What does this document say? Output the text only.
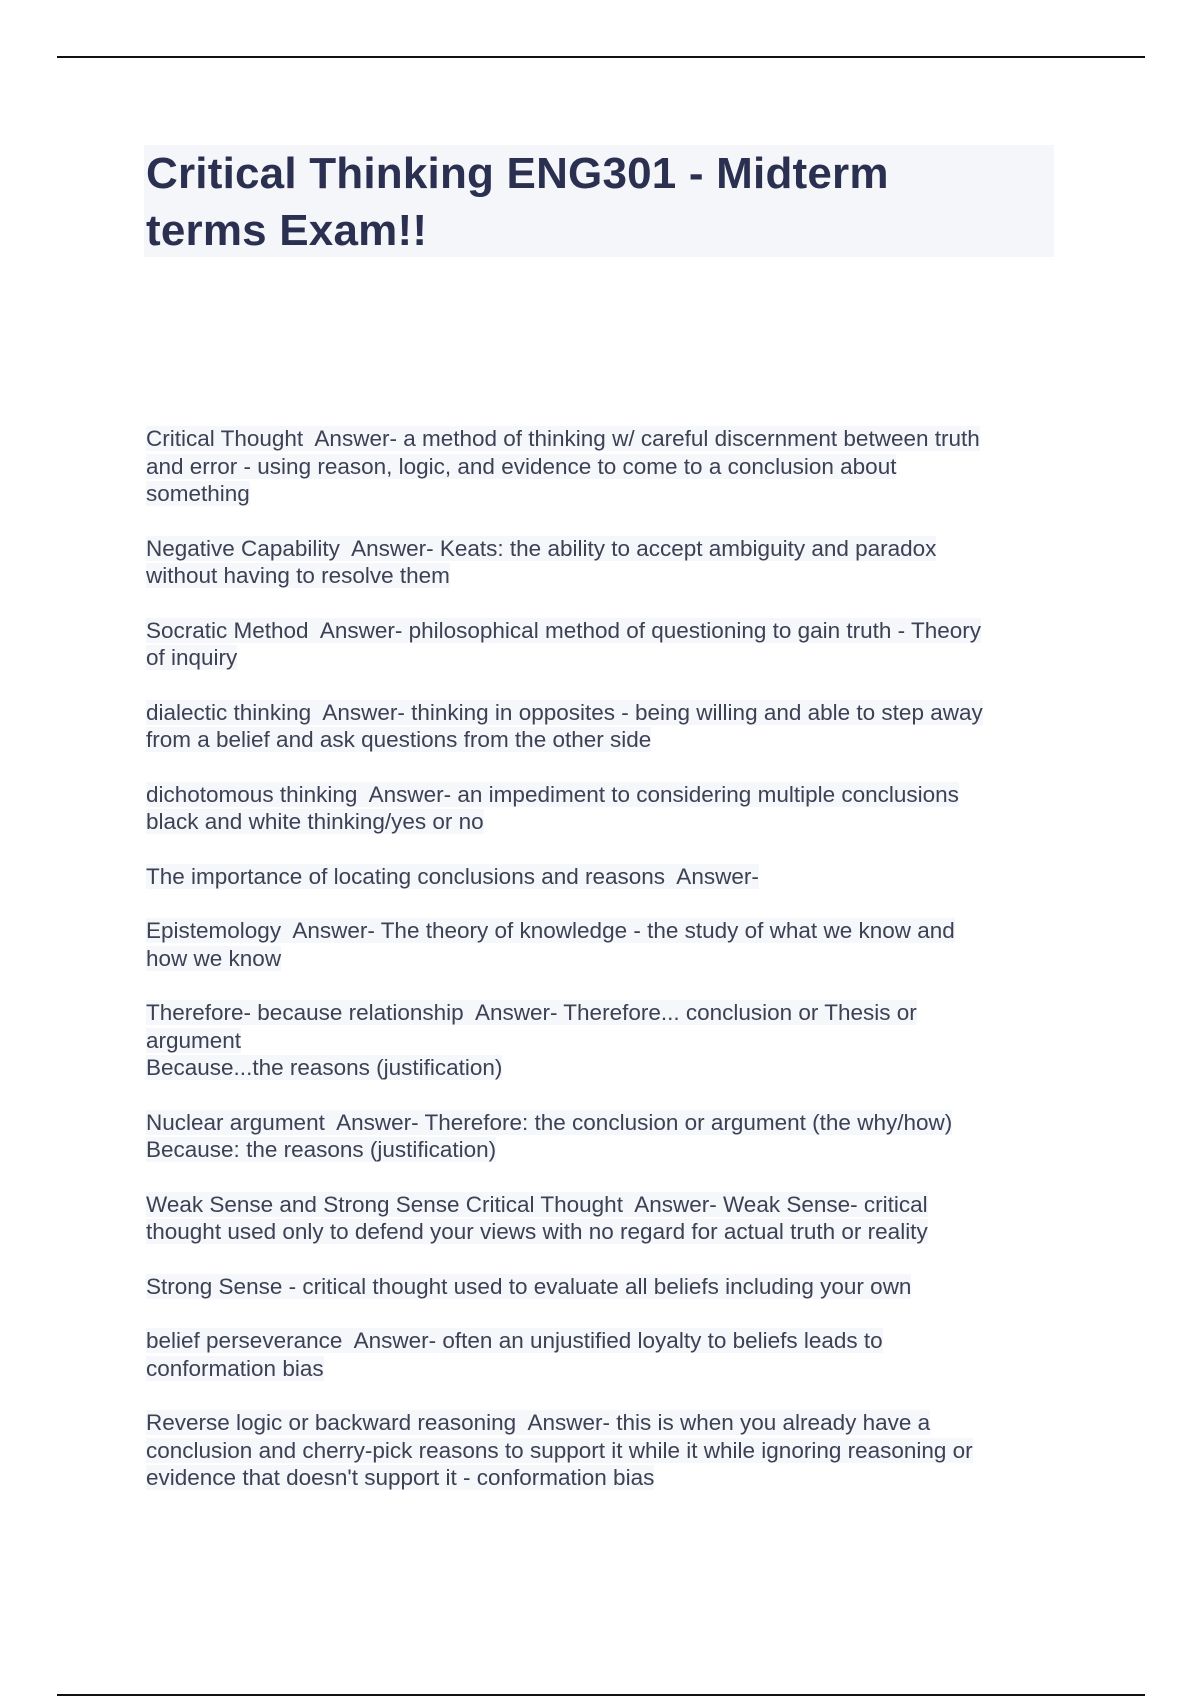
Critical Thinking ENG301 - Midterm
terms Exam!!
Critical Thought  Answer- a method of thinking w/ careful discernment between truth
and error - using reason, logic, and evidence to come to a conclusion about
something
Negative Capability  Answer- Keats: the ability to accept ambiguity and paradox
without having to resolve them
Socratic Method  Answer- philosophical method of questioning to gain truth - Theory
of inquiry
dialectic thinking  Answer- thinking in opposites - being willing and able to step away
from a belief and ask questions from the other side
dichotomous thinking  Answer- an impediment to considering multiple conclusions
black and white thinking/yes or no
The importance of locating conclusions and reasons  Answer-
Epistemology  Answer- The theory of knowledge - the study of what we know and
how we know
Therefore- because relationship  Answer- Therefore... conclusion or Thesis or
argument
Because...the reasons (justification)
Nuclear argument  Answer- Therefore: the conclusion or argument (the why/how)
Because: the reasons (justification)
Weak Sense and Strong Sense Critical Thought  Answer- Weak Sense- critical
thought used only to defend your views with no regard for actual truth or reality
Strong Sense - critical thought used to evaluate all beliefs including your own
belief perseverance  Answer- often an unjustified loyalty to beliefs leads to
conformation bias
Reverse logic or backward reasoning  Answer- this is when you already have a
conclusion and cherry-pick reasons to support it while it while ignoring reasoning or
evidence that doesn't support it - conformation bias
